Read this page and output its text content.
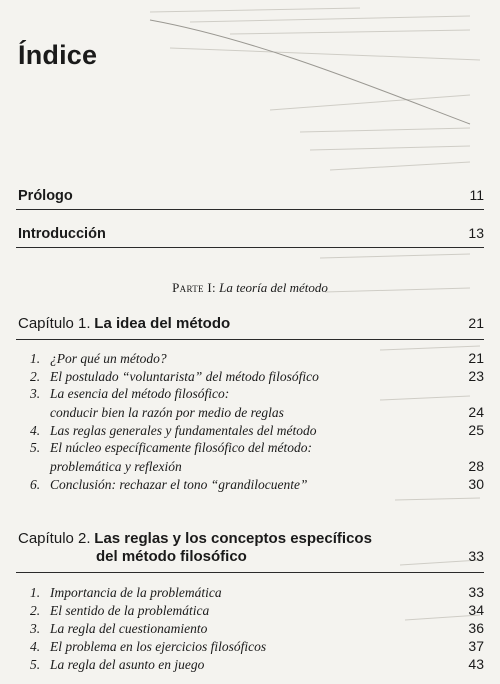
Índice
Prólogo	11
Introducción	13
Parte I: La teoría del método
Capítulo 1. La idea del método	21
1. ¿Por qué un método?	21
2. El postulado “voluntarista” del método filosófico	23
3. La esencia del método filosófico:
conducir bien la razón por medio de reglas	24
4. Las reglas generales y fundamentales del método	25
5. El núcleo específicamente filosófico del método:
problemática y reflexión	28
6. Conclusión: rechazar el tono “grandilocuente”	30
Capítulo 2. Las reglas y los conceptos específicos
del método filosófico	33
1. Importancia de la problemática	33
2. El sentido de la problemática	34
3. La regla del cuestionamiento	36
4. El problema en los ejercicios filosóficos	37
5. La regla del asunto en juego	43
